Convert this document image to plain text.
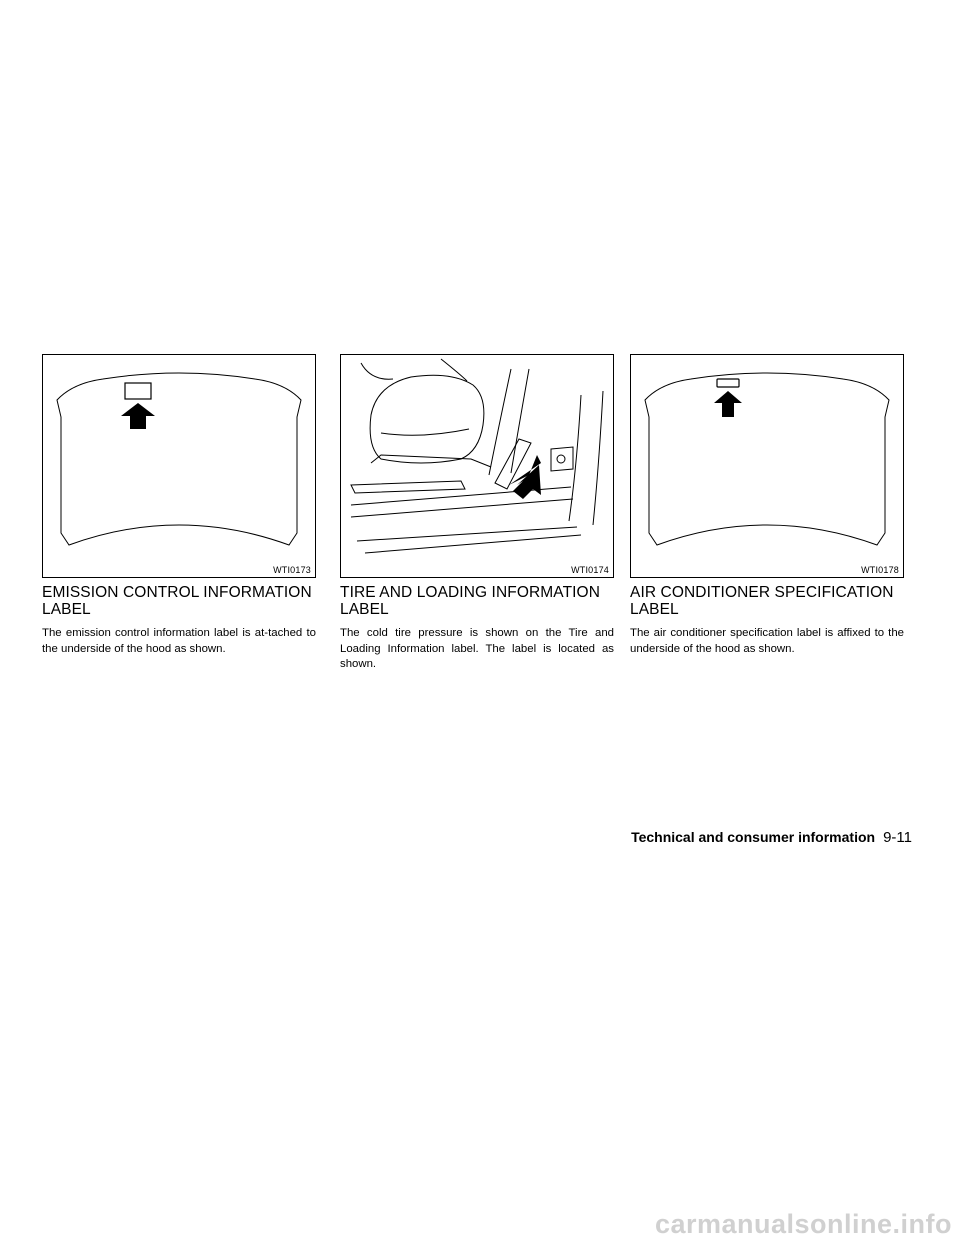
WTI0173
EMISSION CONTROL INFORMATION LABEL

The emission control information label is at-tached to the underside of the hood as shown.

WTI0174
TIRE AND LOADING INFORMATION LABEL

The cold tire pressure is shown on the Tire and Loading Information label. The label is located as shown.

WTI0178
AIR CONDITIONER SPECIFICATION LABEL

The air conditioner specification label is affixed to the underside of the hood as shown.

Technical and consumer information 9-11
carmanualsonline.info
